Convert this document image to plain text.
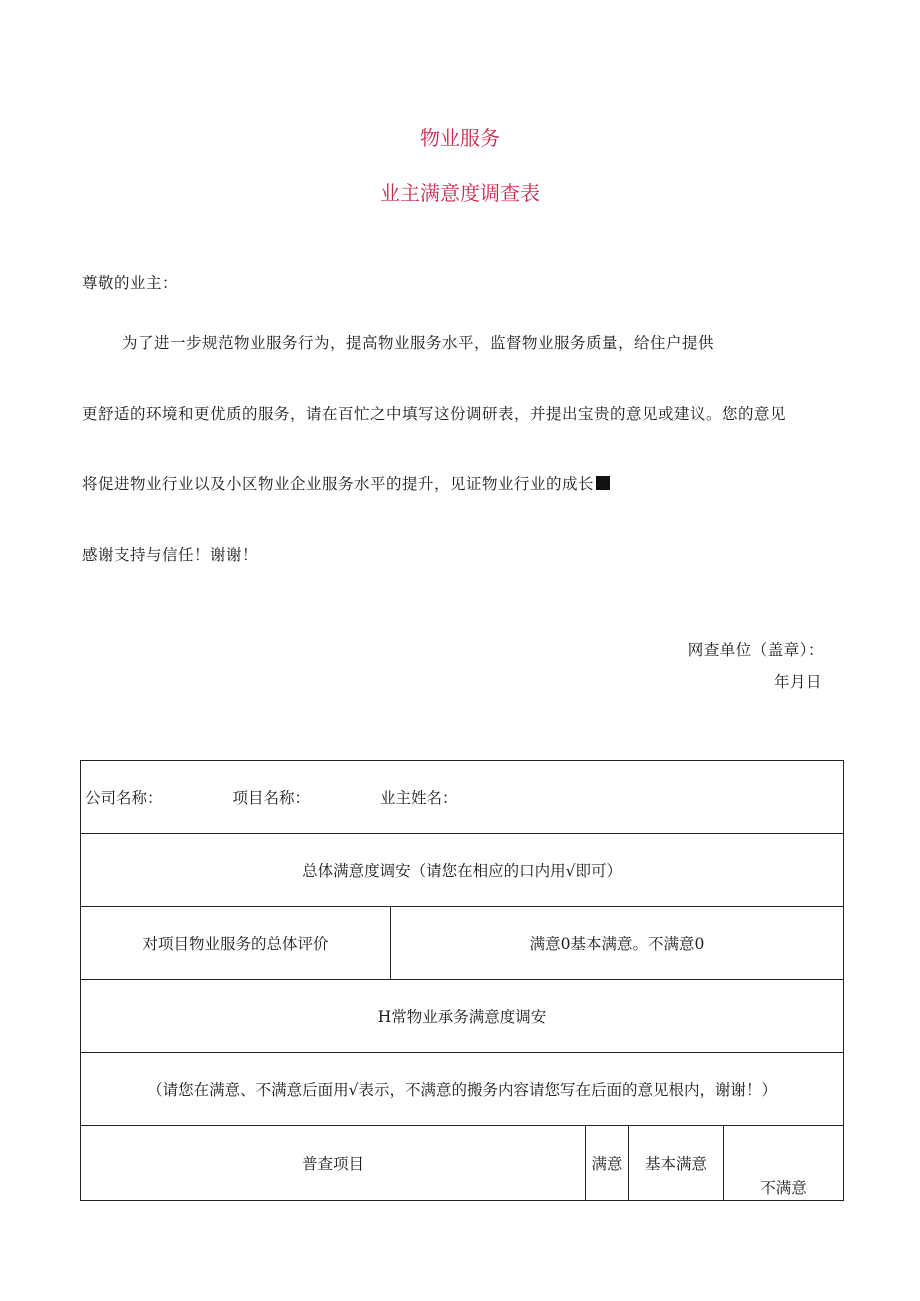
物业服务
业主满意度调查表
尊敬的业主：
为了进一步规范物业服务行为，提高物业服务水平，监督物业服务质量，给住户提供
更舒适的环境和更优质的服务，请在百忙之中填写这份调研表，并提出宝贵的意见或建议。您的意见
将促进物业行业以及小区物业企业服务水平的提升，见证物业行业的成长
感谢支持与信任！谢谢！
网查单位（盖章）：
年月日
公司名称： 项目名称： 业主姓名：				
总体满意度调安（请您在相应的口内用√即可）				
对项目物业服务的总体评价	满意0基本满意。不满意0			
H常物业承务满意度调安				
（请您在满意、不满意后面用√表示，不满意的搬务内容请您写在后面的意见根内，谢谢！）				
普查项目		满意	基本满意	不满意
